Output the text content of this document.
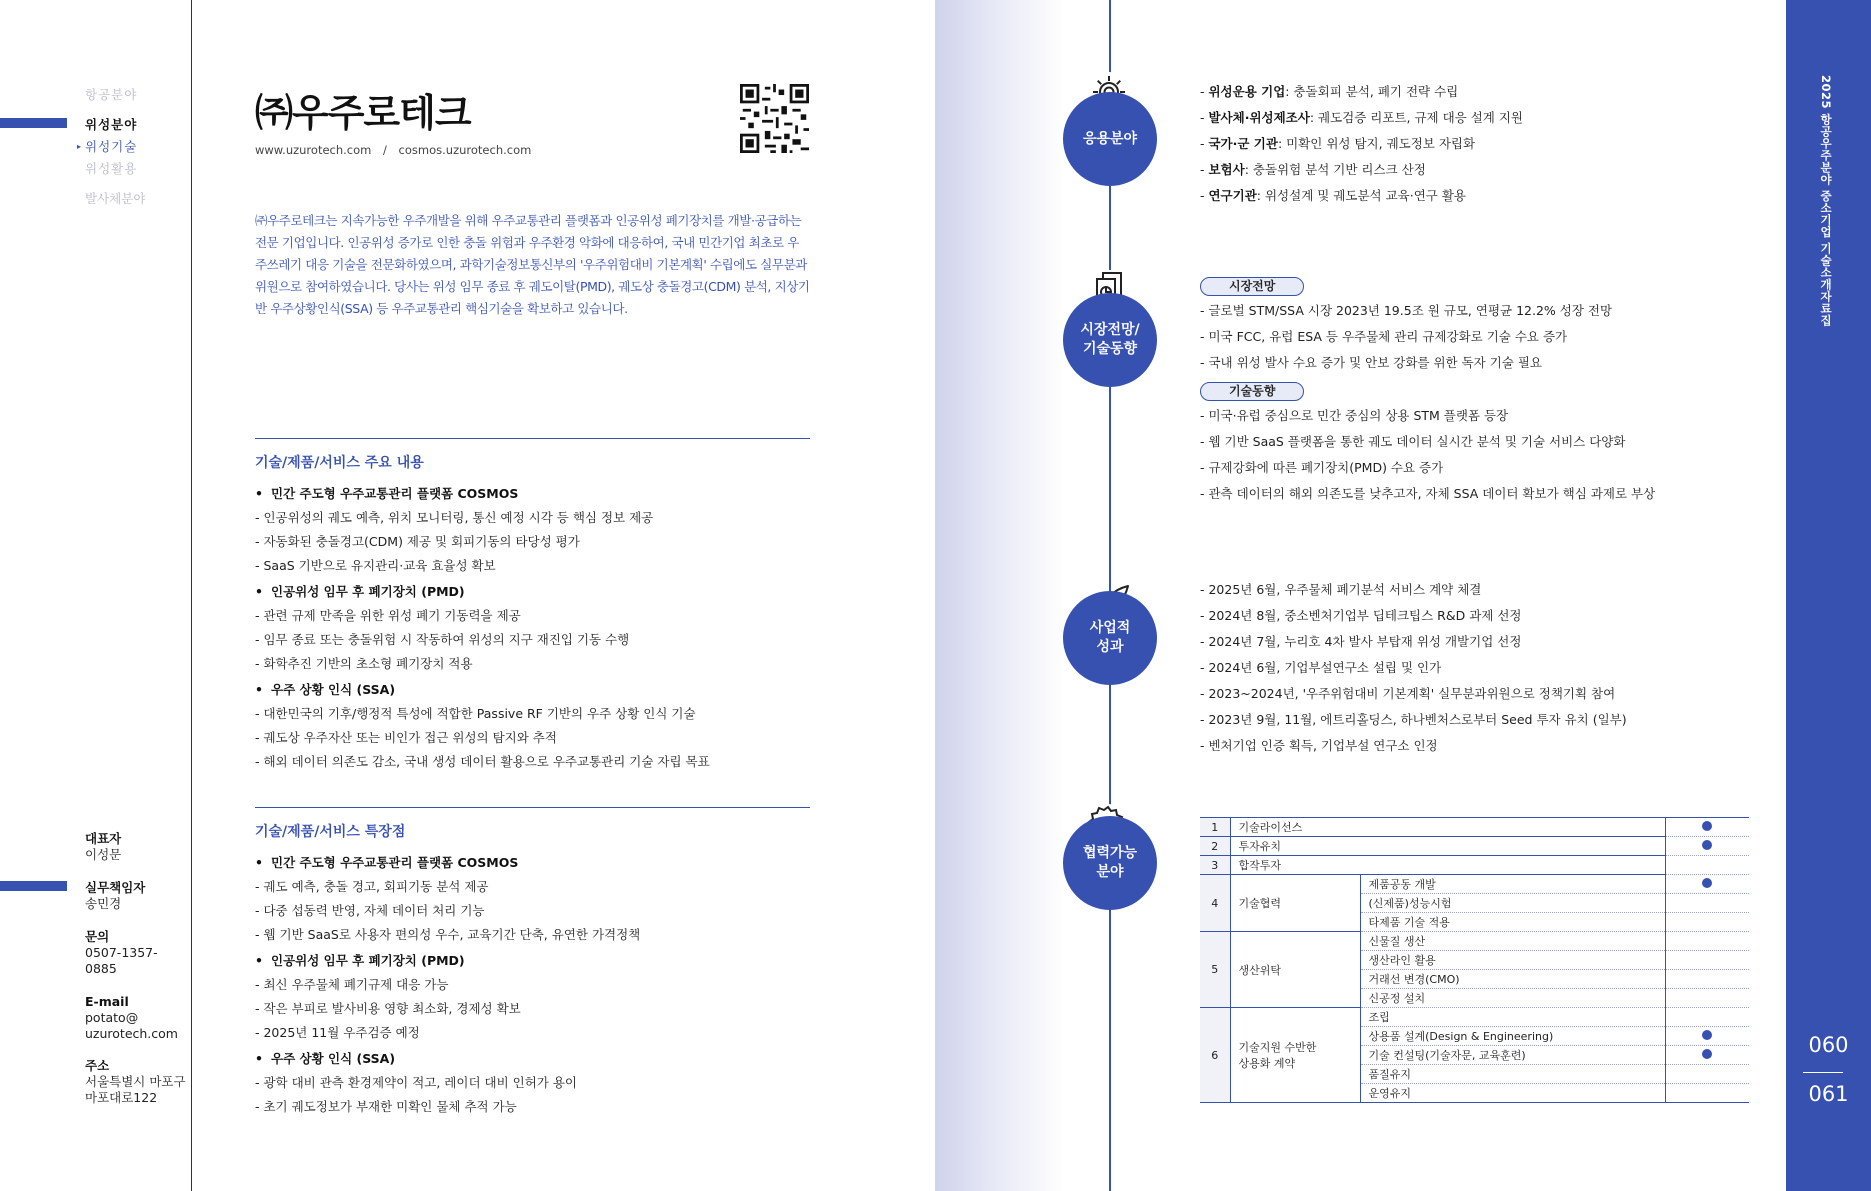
항공분야
위성분야
▸ 위성기술
위성활용
발사체분야
대표자
이성문
실무책임자
송민경
문의
0507-1357-
0885
E-mail
potato@
uzurotech.com
주소
서울특별시 마포구
마포대로122
㈜우주로테크
www.uzurotech.com / cosmos.uzurotech.com

㈜우주로테크는 지속가능한 우주개발을 위해 우주교통관리 플랫폼과 인공위성 폐기장치를 개발·공급하는 전문 기업입니다. 인공위성 증가로 인한 충돌 위험과 우주환경 악화에 대응하여, 국내 민간기업 최초로 우주쓰레기 대응 기술을 전문화하였으며, 과학기술정보통신부의 '우주위험대비 기본계획' 수립에도 실무분과위원으로 참여하였습니다. 당사는 위성 임무 종료 후 궤도이탈(PMD), 궤도상 충돌경고(CDM) 분석, 지상기반 우주상황인식(SSA) 등 우주교통관리 핵심기술을 확보하고 있습니다.

기술/제품/서비스 주요 내용
• 민간 주도형 우주교통관리 플랫폼 COSMOS
- 인공위성의 궤도 예측, 위치 모니터링, 통신 예정 시각 등 핵심 정보 제공
- 자동화된 충돌경고(CDM) 제공 및 회피기동의 타당성 평가
- SaaS 기반으로 유지관리·교육 효율성 확보
• 인공위성 임무 후 폐기장치 (PMD)
- 관련 규제 만족을 위한 위성 폐기 기동력을 제공
- 임무 종료 또는 충돌위험 시 작동하여 위성의 지구 재진입 기동 수행
- 화학추진 기반의 초소형 폐기장치 적용
• 우주 상황 인식 (SSA)
- 대한민국의 기후/행정적 특성에 적합한 Passive RF 기반의 우주 상황 인식 기술
- 궤도상 우주자산 또는 비인가 접근 위성의 탐지와 추적
- 해외 데이터 의존도 감소, 국내 생성 데이터 활용으로 우주교통관리 기술 자립 목표
기술/제품/서비스 특장점
• 민간 주도형 우주교통관리 플랫폼 COSMOS
- 궤도 예측, 충돌 경고, 회피기동 분석 제공
- 다중 섭동력 반영, 자체 데이터 처리 기능
- 웹 기반 SaaS로 사용자 편의성 우수, 교육기간 단축, 유연한 가격정책
• 인공위성 임무 후 폐기장치 (PMD)
- 최신 우주물체 폐기규제 대응 가능
- 작은 부피로 발사비용 영향 최소화, 경제성 확보
- 2025년 11월 우주검증 예정
• 우주 상황 인식 (SSA)
- 광학 대비 관측 환경제약이 적고, 레이더 대비 인허가 용이
- 초기 궤도정보가 부재한 미확인 물체 추적 가능
응용분야
- 위성운용 기업: 충돌회피 분석, 폐기 전략 수립
- 발사체·위성제조사: 궤도검증 리포트, 규제 대응 설계 지원
- 국가·군 기관: 미확인 위성 탐지, 궤도정보 자립화
- 보험사: 충돌위험 분석 기반 리스크 산정
- 연구기관: 위성설계 및 궤도분석 교육·연구 활용
시장전망/
기술동향
시장전망
- 글로벌 STM/SSA 시장 2023년 19.5조 원 규모, 연평균 12.2% 성장 전망
- 미국 FCC, 유럽 ESA 등 우주물체 관리 규제강화로 기술 수요 증가
- 국내 위성 발사 수요 증가 및 안보 강화를 위한 독자 기술 필요
기술동향
- 미국·유럽 중심으로 민간 중심의 상용 STM 플랫폼 등장
- 웹 기반 SaaS 플랫폼을 통한 궤도 데이터 실시간 분석 및 기술 서비스 다양화
- 규제강화에 따른 폐기장치(PMD) 수요 증가
- 관측 데이터의 해외 의존도를 낮추고자, 자체 SSA 데이터 확보가 핵심 과제로 부상
사업적
성과
- 2025년 6월, 우주물체 폐기분석 서비스 계약 체결
- 2024년 8월, 중소벤처기업부 딥테크팁스 R&D 과제 선정
- 2024년 7월, 누리호 4차 발사 부탑재 위성 개발기업 선정
- 2024년 6월, 기업부설연구소 설립 및 인가
- 2023~2024년, '우주위험대비 기본계획' 실무분과위원으로 정책기획 참여
- 2023년 9월, 11월, 에트리홀딩스, 하나벤처스로부터 Seed 투자 유치 (일부)
- 벤처기업 인증 획득, 기업부설 연구소 인정
협력가능
분야
1	기술라이선스		
2	투자유치		
3	합작투자		
4	기술협력	제품공동 개발	
		(신제품)성능시험	
		타제품 기술 적용	
5	생산위탁	신물질 생산	
		생산라인 활용	
		거래선 변경(CMO)	
		신공정 설치	
6	기술지원 수반한
상용화 계약	조립	
		상용품 설계(Design & Engineering)	
		기술 컨설팅(기술자문, 교육훈련)	
		품질유지	
		운영유지	
2025 항공우주분야 중소기업 기술소개자료집
060
061
